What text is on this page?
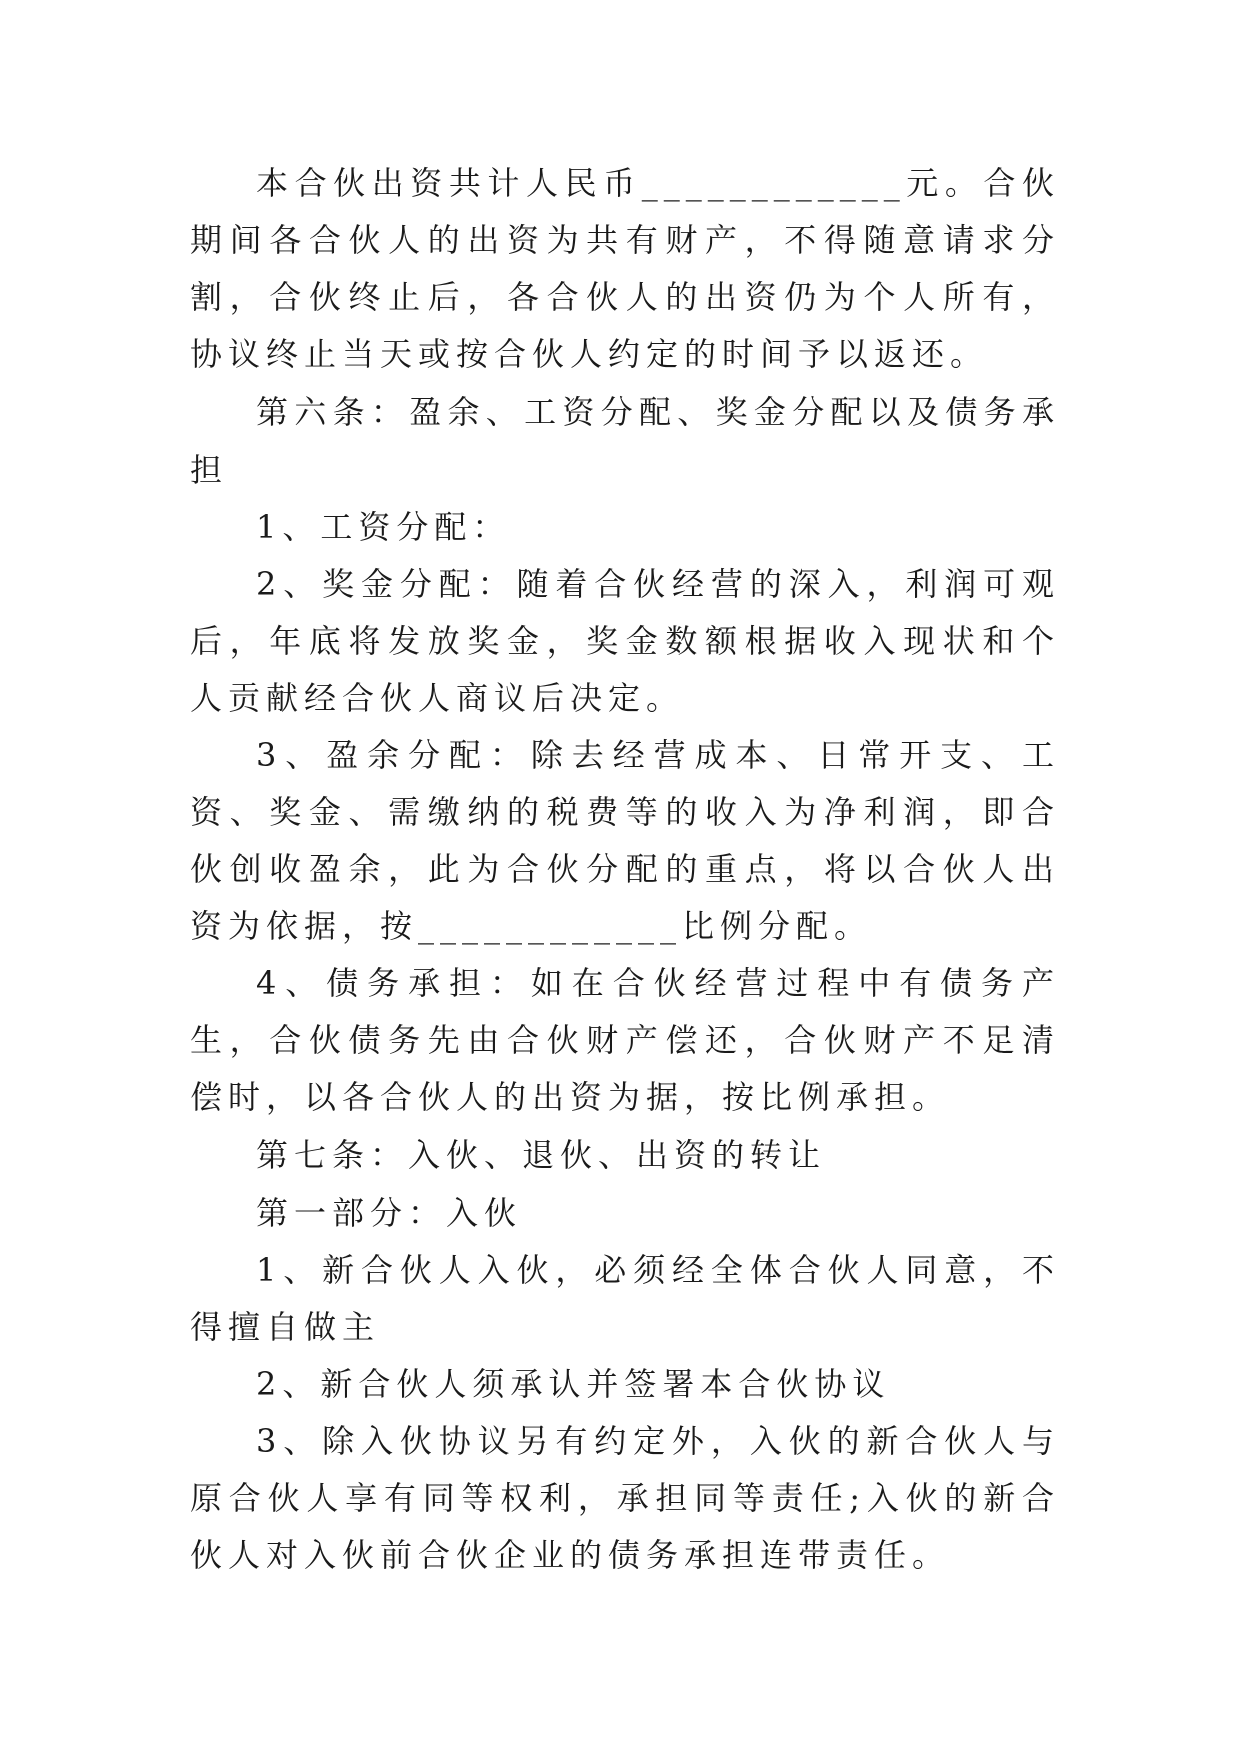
本合伙出资共计人民币____________元。合伙期间各合伙人的出资为共有财产，不得随意请求分割，合伙终止后，各合伙人的出资仍为个人所有，协议终止当天或按合伙人约定的时间予以返还。

第六条：盈余、工资分配、奖金分配以及债务承担

1、工资分配：

2、奖金分配：随着合伙经营的深入，利润可观后，年底将发放奖金，奖金数额根据收入现状和个人贡献经合伙人商议后决定。

3、盈余分配：除去经营成本、日常开支、工资、奖金、需缴纳的税费等的收入为净利润，即合伙创收盈余，此为合伙分配的重点，将以合伙人出资为依据，按____________比例分配。

4、债务承担：如在合伙经营过程中有债务产生，合伙债务先由合伙财产偿还，合伙财产不足清偿时，以各合伙人的出资为据，按比例承担。

第七条：入伙、退伙、出资的转让

第一部分：入伙

1、新合伙人入伙，必须经全体合伙人同意，不得擅自做主

2、新合伙人须承认并签署本合伙协议

3、除入伙协议另有约定外，入伙的新合伙人与原合伙人享有同等权利，承担同等责任;入伙的新合伙人对入伙前合伙企业的债务承担连带责任。
